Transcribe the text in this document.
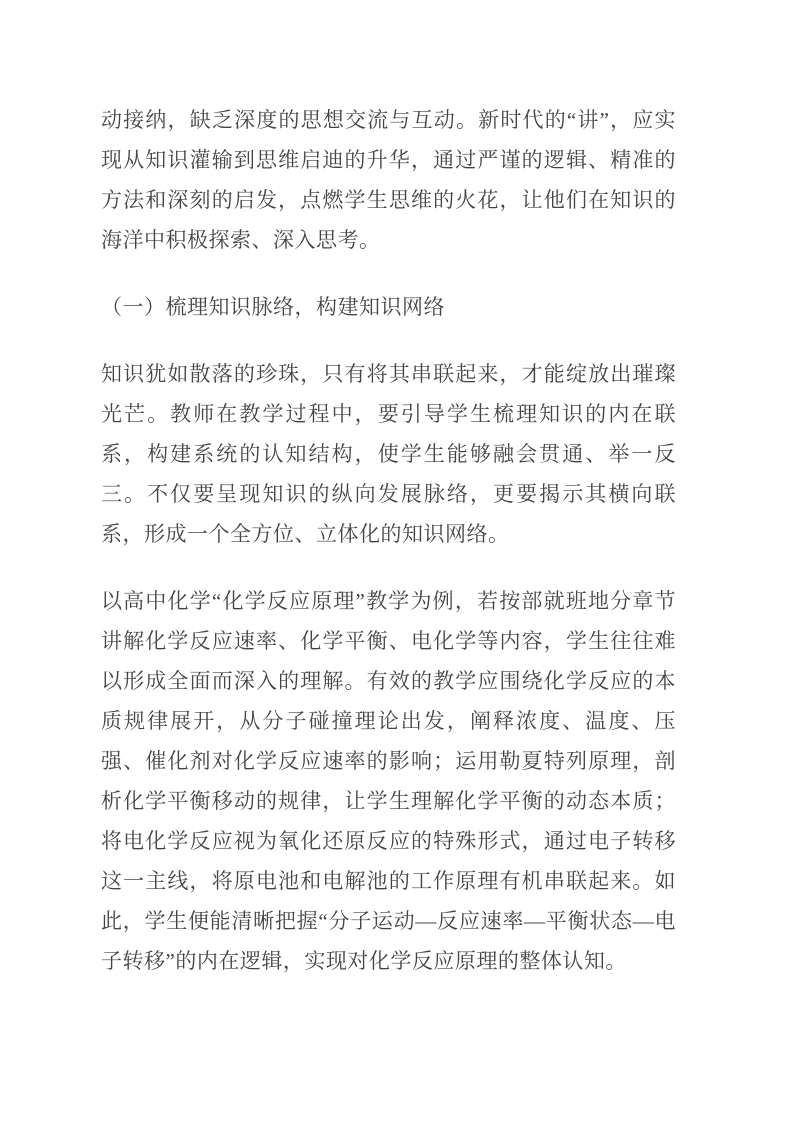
动接纳，缺乏深度的思想交流与互动。新时代的“讲”，应实现从知识灌输到思维启迪的升华，通过严谨的逻辑、精准的方法和深刻的启发，点燃学生思维的火花，让他们在知识的海洋中积极探索、深入思考。

（一）梳理知识脉络，构建知识网络

知识犹如散落的珍珠，只有将其串联起来，才能绽放出璀璨光芒。教师在教学过程中，要引导学生梳理知识的内在联系，构建系统的认知结构，使学生能够融会贯通、举一反三。不仅要呈现知识的纵向发展脉络，更要揭示其横向联系，形成一个全方位、立体化的知识网络。

以高中化学“化学反应原理”教学为例，若按部就班地分章节讲解化学反应速率、化学平衡、电化学等内容，学生往往难以形成全面而深入的理解。有效的教学应围绕化学反应的本质规律展开，从分子碰撞理论出发，阐释浓度、温度、压强、催化剂对化学反应速率的影响；运用勒夏特列原理，剖析化学平衡移动的规律，让学生理解化学平衡的动态本质；将电化学反应视为氧化还原反应的特殊形式，通过电子转移这一主线，将原电池和电解池的工作原理有机串联起来。如此，学生便能清晰把握“分子运动—反应速率—平衡状态—电子转移”的内在逻辑，实现对化学反应原理的整体认知。
